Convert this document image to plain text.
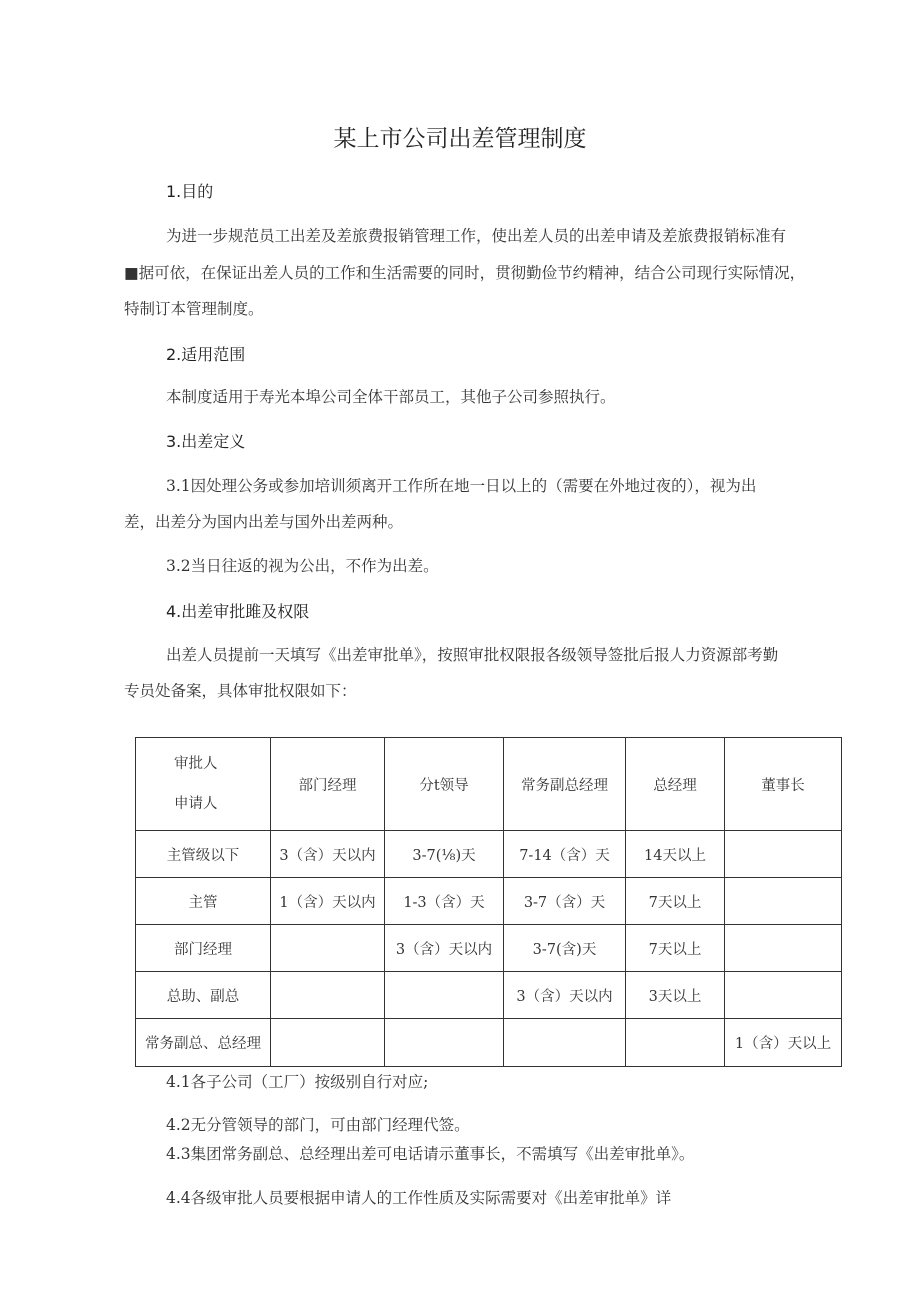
某上市公司出差管理制度
1.目的
为进一步规范员工出差及差旅费报销管理工作，使出差人员的出差申请及差旅费报销标准有
■据可依，在保证出差人员的工作和生活需要的同时，贯彻勤俭节约精神，结合公司现行实际情况，
特制订本管理制度。
2.适用范围
本制度适用于寿光本埠公司全体干部员工，其他子公司参照执行。
3.出差定义
3.1因处理公务或参加培训须离开工作所在地一日以上的（需要在外地过夜的），视为出
差，出差分为国内出差与国外出差两种。
3.2当日往返的视为公出，不作为出差。
4.出差审批雎及权限
出差人员提前一天填写《出差审批单》，按照审批权限报各级领导签批后报人力资源部考勤
专员处备案，具体审批权限如下：
审批人
申请人	部门经理	分t领导	常务副总经理	总经理	董事长
主管级以下	3（含）天以内	3-7(⅛)天	7-14（含）天	14天以上	
主管	1（含）天以内	1-3（含）天	3-7（含）天	7天以上	
部门经理		3（含）天以内	3-7(含)天	7天以上	
总助、副总			3（含）天以内	3天以上	
常务副总、总经理					1（含）天以上
4.1各子公司（工厂）按级别自行对应;
4.2无分管领导的部门，可由部门经理代签。
4.3集团常务副总、总经理出差可电话请示董事长，不需填写《出差审批单》。
4.4各级审批人员要根据申请人的工作性质及实际需要对《出差审批单》详
